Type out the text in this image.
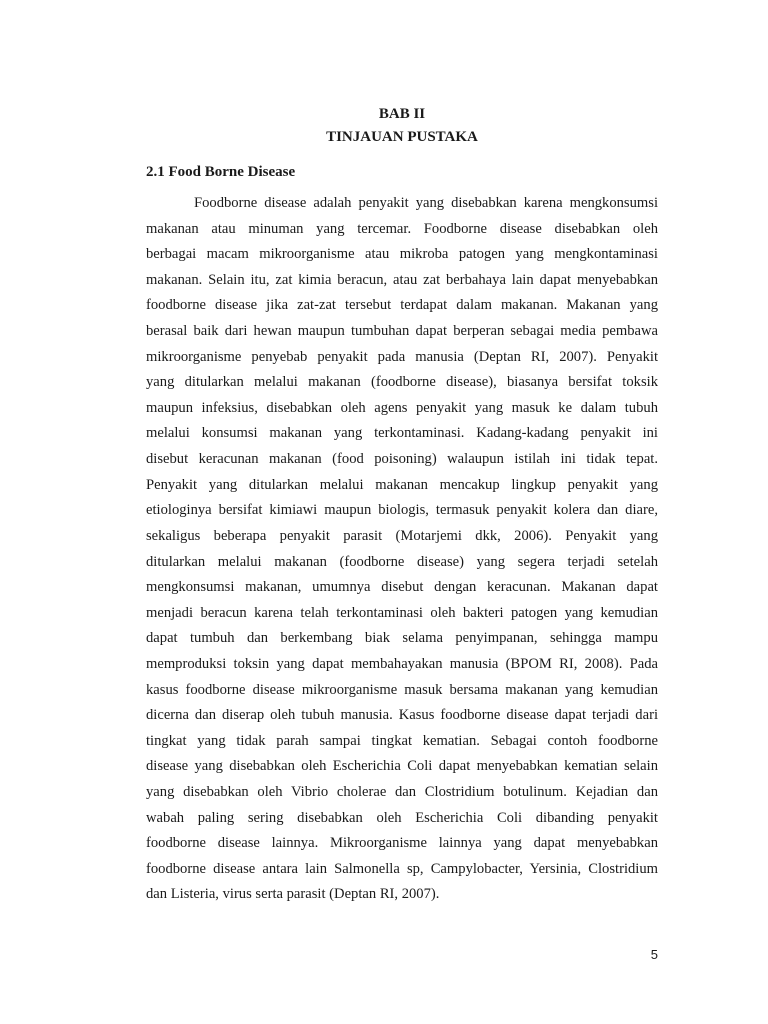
BAB II
TINJAUAN PUSTAKA
2.1 Food Borne Disease
Foodborne disease adalah penyakit yang disebabkan karena mengkonsumsi
makanan atau minuman yang tercemar. Foodborne disease disebabkan oleh
berbagai macam mikroorganisme atau mikroba patogen yang mengkontaminasi
makanan. Selain itu, zat kimia beracun, atau zat berbahaya lain dapat menyebabkan
foodborne disease jika zat-zat tersebut terdapat dalam makanan. Makanan yang
berasal baik dari hewan maupun tumbuhan dapat berperan sebagai media pembawa
mikroorganisme penyebab penyakit pada manusia (Deptan RI, 2007). Penyakit
yang ditularkan melalui makanan (foodborne disease), biasanya bersifat toksik
maupun infeksius, disebabkan oleh agens penyakit yang masuk ke dalam tubuh
melalui konsumsi makanan yang terkontaminasi. Kadang-kadang penyakit ini
disebut keracunan makanan (food poisoning) walaupun istilah ini tidak tepat.
Penyakit yang ditularkan melalui makanan mencakup lingkup penyakit yang
etiologinya bersifat kimiawi maupun biologis, termasuk penyakit kolera dan diare,
sekaligus beberapa penyakit parasit (Motarjemi dkk, 2006). Penyakit yang
ditularkan melalui makanan (foodborne disease) yang segera terjadi setelah
mengkonsumsi makanan, umumnya disebut dengan keracunan. Makanan dapat
menjadi beracun karena telah terkontaminasi oleh bakteri patogen yang kemudian
dapat tumbuh dan berkembang biak selama penyimpanan, sehingga mampu
memproduksi toksin yang dapat membahayakan manusia (BPOM RI, 2008). Pada
kasus foodborne disease mikroorganisme masuk bersama makanan yang kemudian
dicerna dan diserap oleh tubuh manusia. Kasus foodborne disease dapat terjadi dari
tingkat yang tidak parah sampai tingkat kematian. Sebagai contoh foodborne
disease yang disebabkan oleh Escherichia Coli dapat menyebabkan kematian selain
yang disebabkan oleh Vibrio cholerae dan Clostridium botulinum. Kejadian dan
wabah paling sering disebabkan oleh Escherichia Coli dibanding penyakit
foodborne disease lainnya. Mikroorganisme lainnya yang dapat menyebabkan
foodborne disease antara lain Salmonella sp, Campylobacter, Yersinia, Clostridium
dan Listeria, virus serta parasit (Deptan RI, 2007).
5
